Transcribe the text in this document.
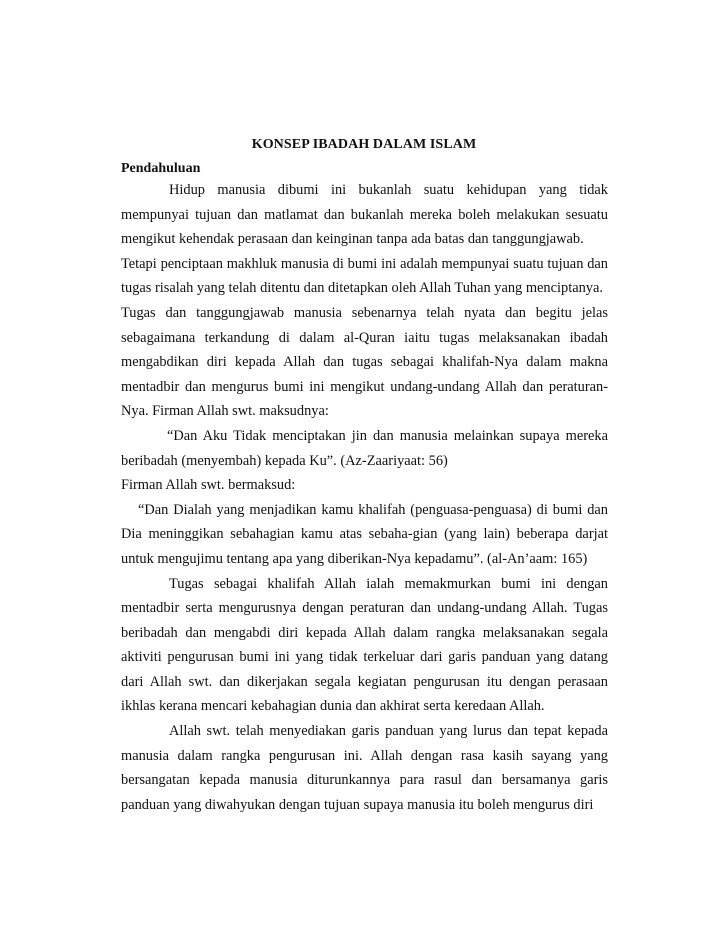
KONSEP IBADAH DALAM ISLAM
Pendahuluan

Hidup manusia dibumi ini bukanlah suatu kehidupan yang tidak mempunyai tujuan dan matlamat dan bukanlah mereka boleh melakukan sesuatu mengikut kehendak perasaan dan keinginan tanpa ada batas dan tanggungjawab.

Tetapi penciptaan makhluk manusia di bumi ini adalah mempunyai suatu tujuan dan tugas risalah yang telah ditentu dan ditetapkan oleh Allah Tuhan yang menciptanya.

Tugas dan tanggungjawab manusia sebenarnya telah nyata dan begitu jelas sebagaimana terkandung di dalam al-Quran iaitu tugas melaksanakan ibadah mengabdikan diri kepada Allah dan tugas sebagai khalifah-Nya dalam makna mentadbir dan mengurus bumi ini mengikut undang-undang Allah dan peraturan-Nya. Firman Allah swt. maksudnya:

“Dan Aku Tidak menciptakan jin dan manusia melainkan supaya mereka beribadah (menyembah) kepada Ku”. (Az-Zaariyaat: 56)

Firman Allah swt. bermaksud:

“Dan Dialah yang menjadikan kamu khalifah (penguasa-penguasa) di bumi dan Dia meninggikan sebahagian kamu atas sebaha-gian (yang lain) beberapa darjat untuk mengujimu tentang apa yang diberikan-Nya kepadamu”. (al-An’aam: 165)

Tugas sebagai khalifah Allah ialah memakmurkan bumi ini dengan mentadbir serta mengurusnya dengan peraturan dan undang-undang Allah. Tugas beribadah dan mengabdi diri kepada Allah dalam rangka melaksanakan segala aktiviti pengurusan bumi ini yang tidak terkeluar dari garis panduan yang datang dari Allah swt. dan dikerjakan segala kegiatan pengurusan itu dengan perasaan ikhlas kerana mencari kebahagian dunia dan akhirat serta keredaan Allah.

Allah swt. telah menyediakan garis panduan yang lurus dan tepat kepada manusia dalam rangka pengurusan ini. Allah dengan rasa kasih sayang yang bersangatan kepada manusia diturunkannya para rasul dan bersamanya garis panduan yang diwahyukan dengan tujuan supaya manusia itu boleh mengurus diri
